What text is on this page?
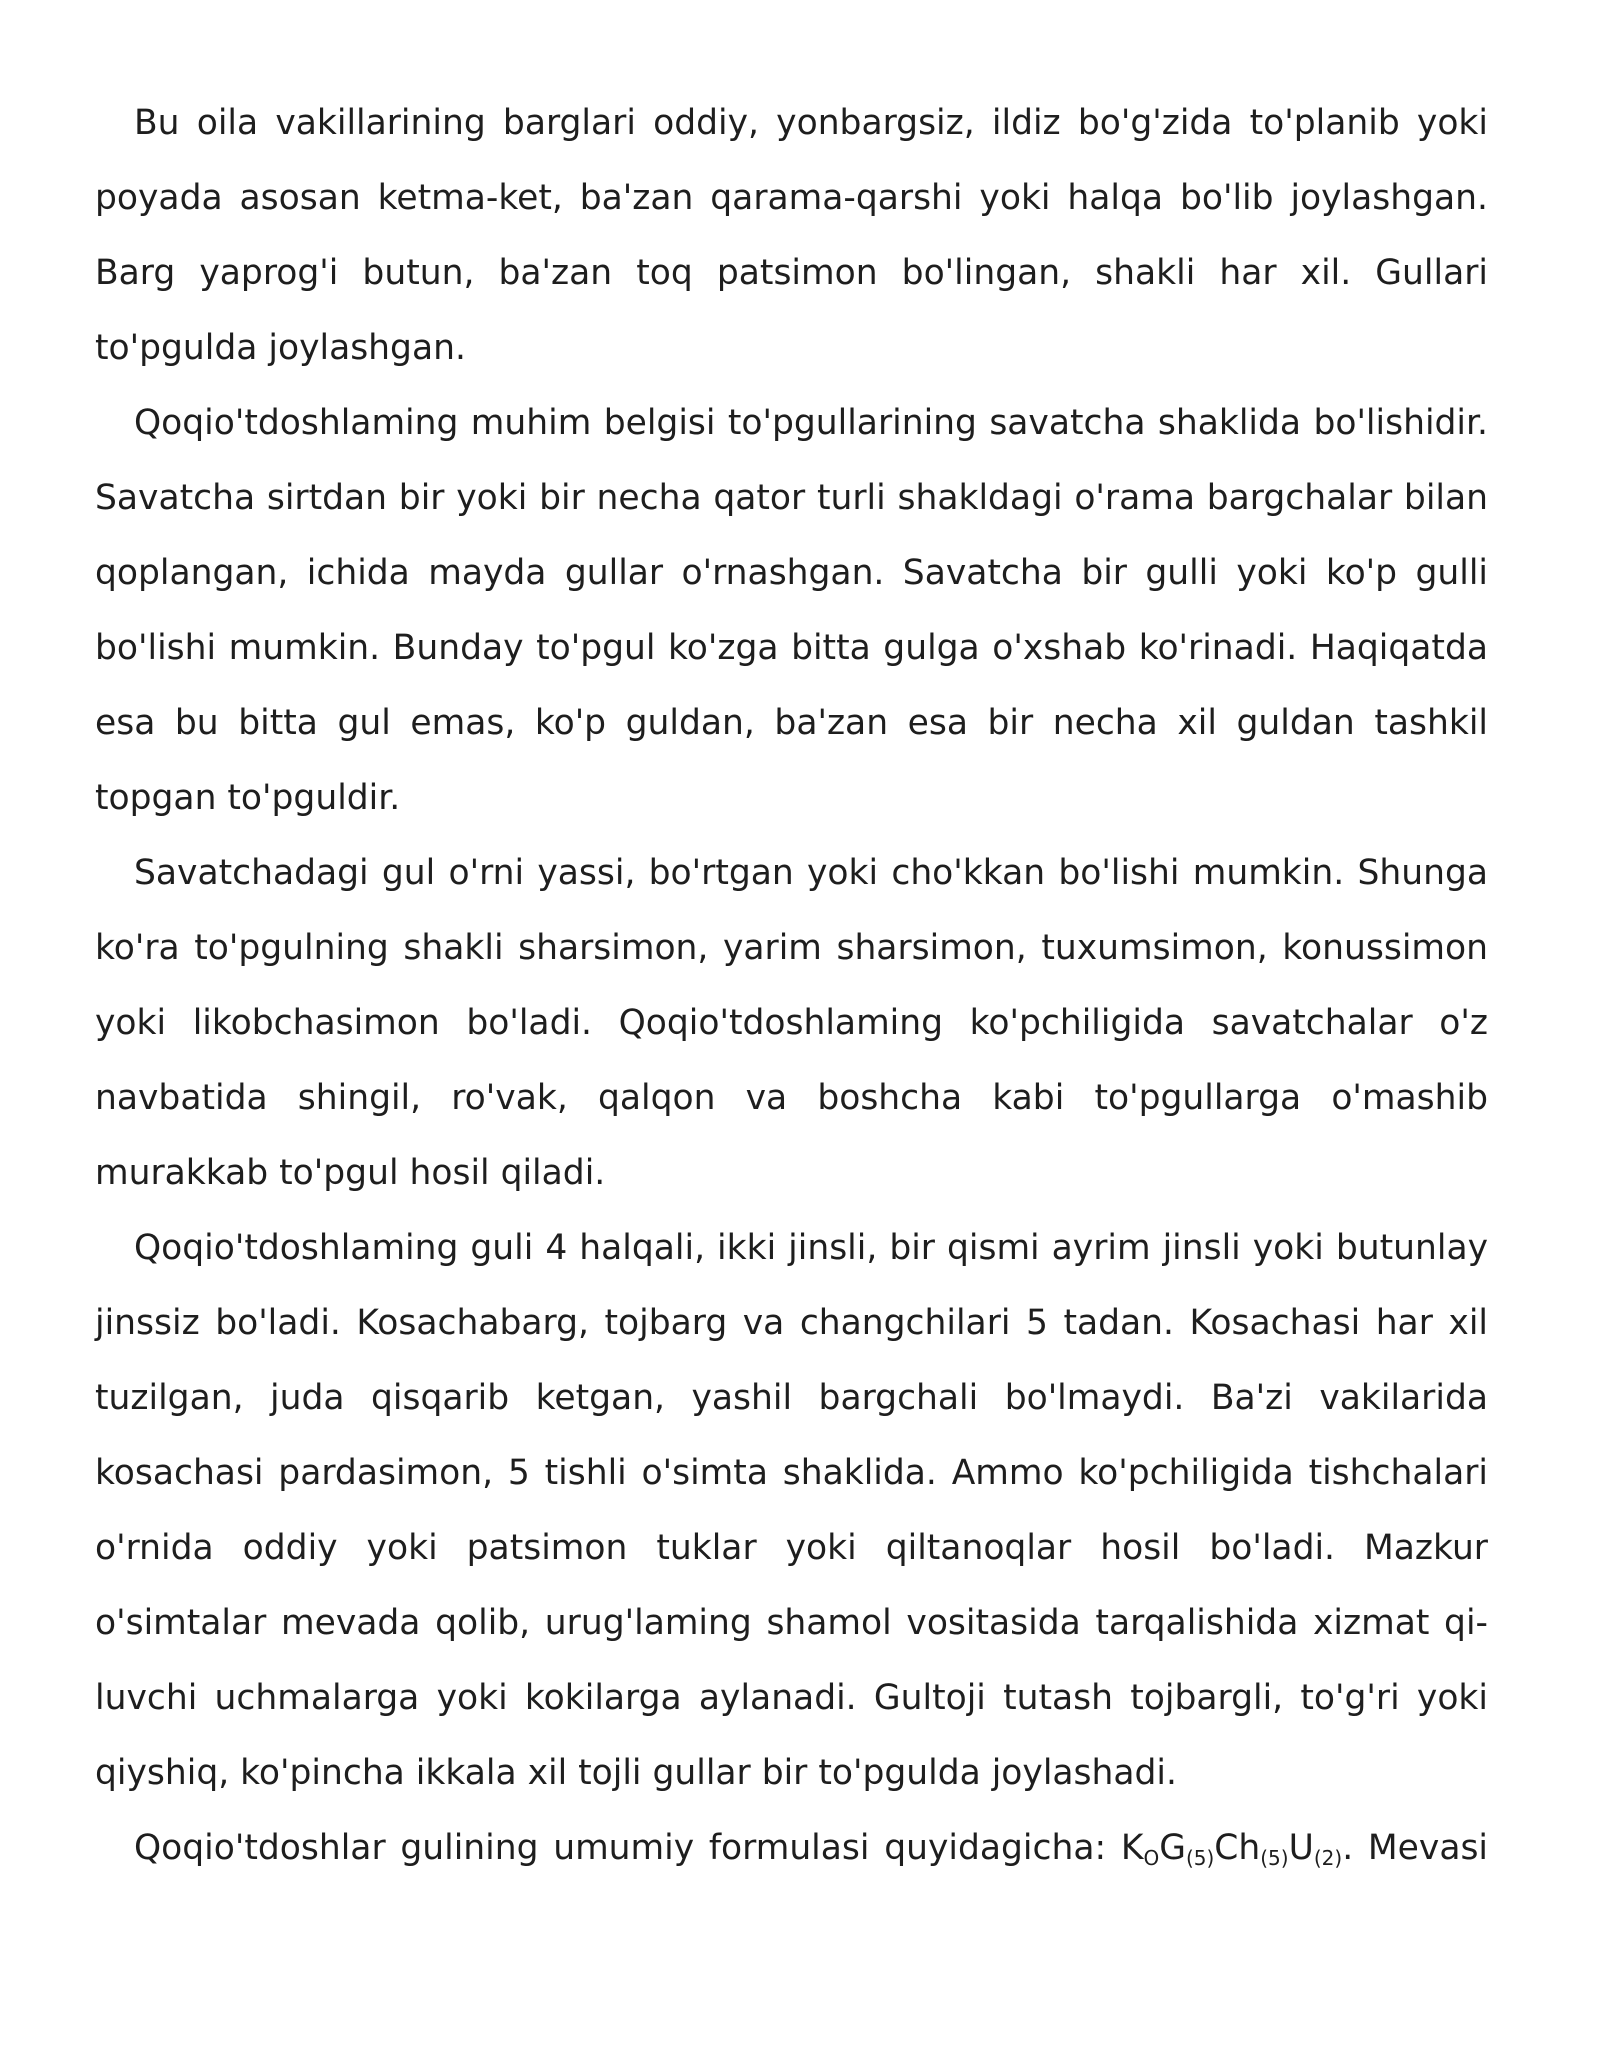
Bu oila vakillarining barglari oddiy, yonbargsiz, ildiz bo'g'zida to'planib yoki poyada asosan ketma-ket, ba'zan qarama-qarshi yoki halqa bo'lib joylashgan. Barg yaprog'i butun, ba'zan toq patsimon bo'lingan, shakli har xil. Gullari to'pgulda joylashgan.

Qoqio'tdoshlaming muhim belgisi to'pgullarining savatcha shaklida bo'lishidir. Savatcha sirtdan bir yoki bir necha qator turli shakldagi o'rama bargchalar bilan qoplangan, ichida mayda gullar o'rnashgan. Savatcha bir gulli yoki ko'p gulli bo'lishi mumkin. Bunday to'pgul ko'zga bitta gulga o'xshab ko'rinadi. Haqiqatda esa bu bitta gul emas, ko'p guldan, ba'zan esa bir necha xil guldan tashkil topgan to'pguldir.

Savatchadagi gul o'rni yassi, bo'rtgan yoki cho'kkan bo'lishi mumkin. Shunga ko'ra to'pgulning shakli sharsimon, yarim sharsimon, tuxumsimon, konussimon yoki likobchasimon bo'ladi. Qoqio'tdoshlaming ko'pchiligida savatchalar o'z navbatida shingil, ro'vak, qalqon va boshcha kabi to'pgullarga o'mashib murakkab to'pgul hosil qiladi.

Qoqio'tdoshlaming guli 4 halqali, ikki jinsli, bir qismi ayrim jinsli yoki butunlay jinssiz bo'ladi. Kosachabarg, tojbarg va changchilari 5 tadan. Kosachasi har xil tuzilgan, juda qisqarib ketgan, yashil bargchali bo'lmaydi. Ba'zi vakilarida kosachasi pardasimon, 5 tishli o'simta shaklida. Ammo ko'pchiligida tishchalari o'rnida oddiy yoki patsimon tuklar yoki qiltanoqlar hosil bo'ladi. Mazkur o'simtalar mevada qolib, urug'laming shamol vositasida tarqalishida xizmat qi-luvchi uchmalarga yoki kokilarga aylanadi. Gultoji tutash tojbargli, to'g'ri yoki qiyshiq, ko'pincha ikkala xil tojli gullar bir to'pgulda joylashadi.

Qoqio'tdoshlar gulining umumiy formulasi quyidagicha: $K_OG_{(5)}Ch_{(5)}U_{(2)}$. Mevasi
